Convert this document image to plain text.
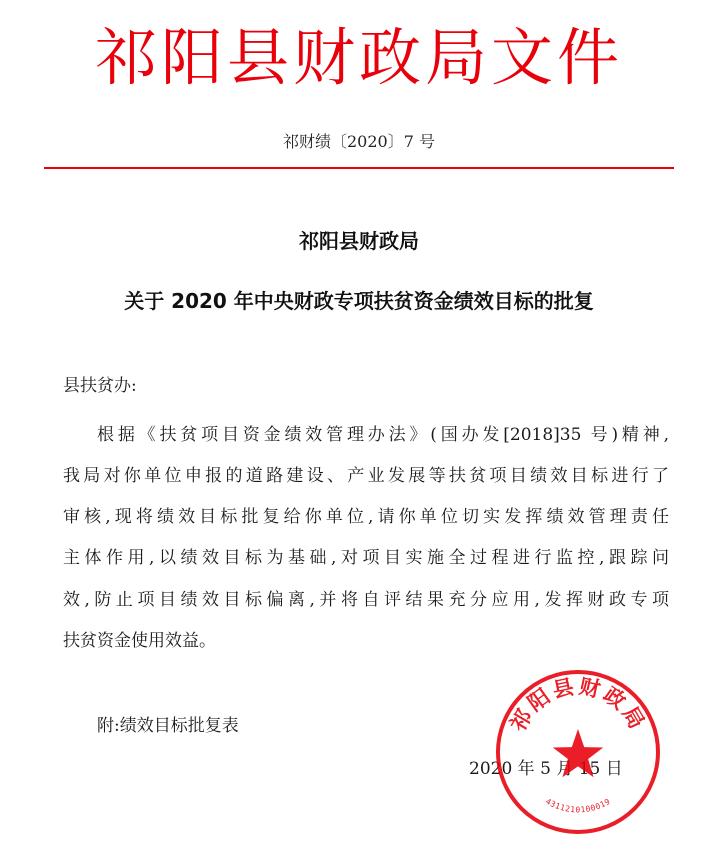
祁阳县财政局文件
祁财绩〔2020〕7 号
祁阳县财政局
关于 2020 年中央财政专项扶贫资金绩效目标的批复
县扶贫办:
根据《扶贫项目资金绩效管理办法》(国办发[2018]35 号)精神,
我局对你单位申报的道路建设、产业发展等扶贫项目绩效目标进行了
审核,现将绩效目标批复给你单位,请你单位切实发挥绩效管理责任
主体作用,以绩效目标为基础,对项目实施全过程进行监控,跟踪问
效,防止项目绩效目标偏离,并将自评结果充分应用,发挥财政专项
扶贫资金使用效益。
附:绩效目标批复表
2020 年 5 月 15 日
祁阳县财政局
4311210100019
